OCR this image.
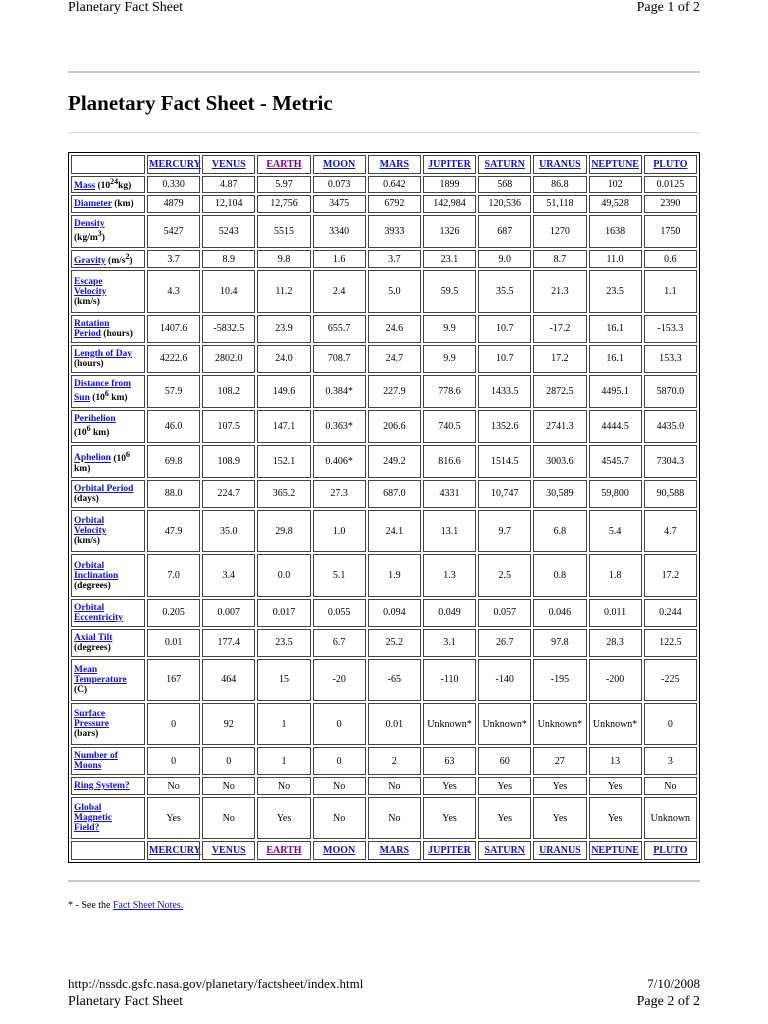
Planetary Fact Sheet	Page 1 of 2
Planetary Fact Sheet - Metric
	MERCURY	VENUS	EARTH	MOON	MARS	JUPITER	SATURN	URANUS	NEPTUNE	PLUTO
Mass $(10^{24}kg)$	0.330	4.87	5.97	0.073	0.642	1899	568	86.8	102	0.0125
Diameter (km)	4879	12,104	12,756	3475	6792	142,984	120,536	51,118	49,528	2390
Density
$(kg/m^3)$	5427	5243	5515	3340	3933	1326	687	1270	1638	1750
Gravity $(m/s^2)$	3.7	8.9	9.8	1.6	3.7	23.1	9.0	8.7	11.0	0.6
Escape
Velocity
(km/s)	4.3	10.4	11.2	2.4	5.0	59.5	35.5	21.3	23.5	1.1
Rotation
Period (hours)	1407.6	-5832.5	23.9	655.7	24.6	9.9	10.7	-17.2	16.1	-153.3
Length of Day
(hours)	4222.6	2802.0	24.0	708.7	24.7	9.9	10.7	17.2	16.1	153.3
Distance from
Sun ($10^6$ km)	57.9	108.2	149.6	0.384*	227.9	778.6	1433.5	2872.5	4495.1	5870.0
Perihelion
($10^6$ km)	46.0	107.5	147.1	0.363*	206.6	740.5	1352.6	2741.3	4444.5	4435.0
Aphelion ($10^6$
km)	69.8	108.9	152.1	0.406*	249.2	816.6	1514.5	3003.6	4545.7	7304.3
Orbital Period
(days)	88.0	224.7	365.2	27.3	687.0	4331	10,747	30,589	59,800	90,588
Orbital
Velocity
(km/s)	47.9	35.0	29.8	1.0	24.1	13.1	9.7	6.8	5.4	4.7
Orbital
Inclination
(degrees)	7.0	3.4	0.0	5.1	1.9	1.3	2.5	0.8	1.8	17.2
Orbital
Eccentricity	0.205	0.007	0.017	0.055	0.094	0.049	0.057	0.046	0.011	0.244
Axial Tilt
(degrees)	0.01	177.4	23.5	6.7	25.2	3.1	26.7	97.8	28.3	122.5
Mean
Temperature
(C)	167	464	15	-20	-65	-110	-140	-195	-200	-225
Surface
Pressure
(bars)	0	92	1	0	0.01	Unknown*	Unknown*	Unknown*	Unknown*	0
Number of
Moons	0	0	1	0	2	63	60	27	13	3
Ring System?	No	No	No	No	No	Yes	Yes	Yes	Yes	No
Global
Magnetic
Field?	Yes	No	Yes	No	No	Yes	Yes	Yes	Yes	Unknown
	MERCURY	VENUS	EARTH	MOON	MARS	JUPITER	SATURN	URANUS	NEPTUNE	PLUTO
* - See the Fact Sheet Notes.
http://nssdc.gsfc.nasa.gov/planetary/factsheet/index.html	7/10/2008
Planetary Fact Sheet	Page 2 of 2
